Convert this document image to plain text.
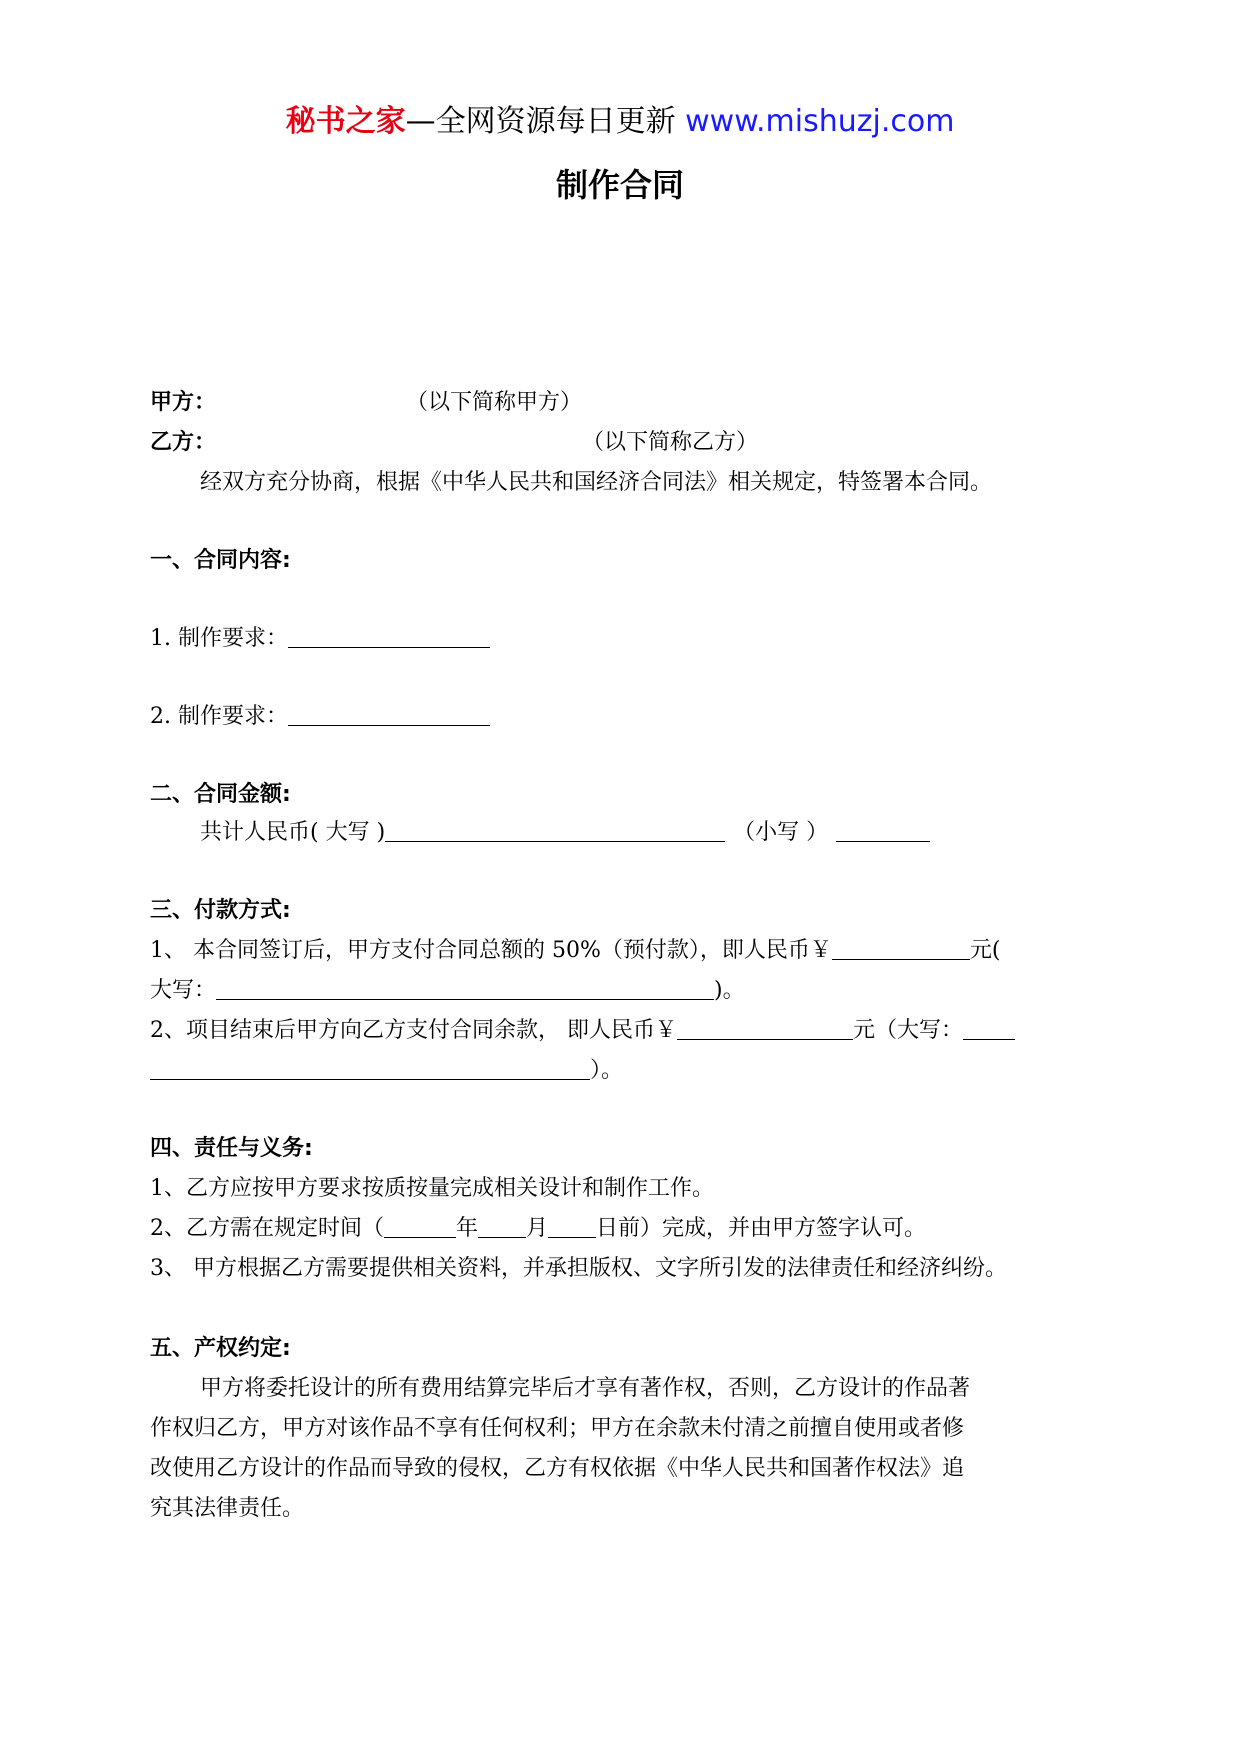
秘书之家—全网资源每日更新 www.mishuzj.com
制作合同
甲方：	（以下简称甲方）
乙方：	（以下简称乙方）
经双方充分协商，根据《中华人民共和国经济合同法》相关规定，特签署本合同。
一、合同内容:
1. 制作要求：
2. 制作要求：
二、合同金额:
共计人民币( 大写 )	（小写 ）
三、付款方式:
1、 本合同签订后，甲方支付合同总额的 50%（预付款），即人民币￥	元(
大写：	)。
2、项目结束后甲方向乙方支付合同余款， 即人民币￥	元（大写：
）。
四、责任与义务:
1、乙方应按甲方要求按质按量完成相关设计和制作工作。
2、乙方需在规定时间（	年 月 日前）完成，并由甲方签字认可。
3、 甲方根据乙方需要提供相关资料，并承担版权、文字所引发的法律责任和经济纠纷。
五、产权约定:
甲方将委托设计的所有费用结算完毕后才享有著作权，否则，乙方设计的作品著
作权归乙方，甲方对该作品不享有任何权利；甲方在余款未付清之前擅自使用或者修
改使用乙方设计的作品而导致的侵权，乙方有权依据《中华人民共和国著作权法》追
究其法律责任。
